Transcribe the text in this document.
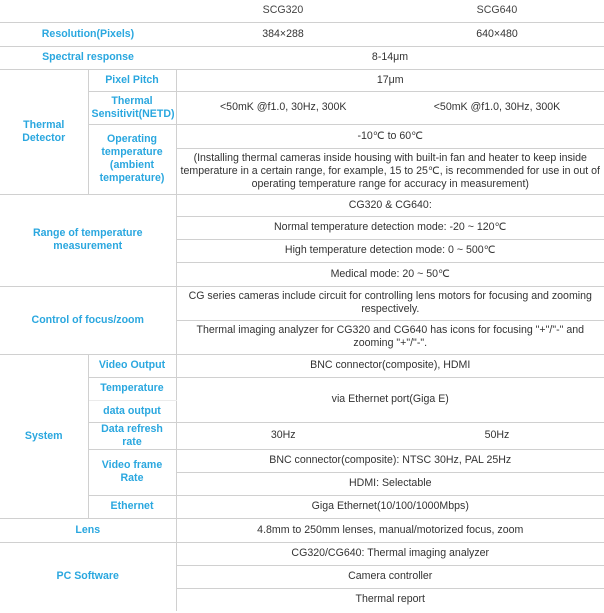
		SCG320	SCG640
Resolution(Pixels)		384×288	640×480
Spectral response		8-14μm	
Thermal Detector	Pixel Pitch	17μm	
	Thermal Sensitivit(NETD)	<50mK @f1.0, 30Hz, 300K	<50mK @f1.0, 30Hz, 300K
	Operating temperature (ambient temperature)	-10℃ to 60℃	
		(Installing thermal cameras inside housing with built-in fan and heater to keep inside temperature in a certain range, for example, 15 to 25℃, is recommended for use in out of operating temperature range for accuracy in measurement)	
Range of temperature measurement		CG320 & CG640:	
		Normal temperature detection mode: -20 ~ 120℃	
		High temperature detection mode: 0 ~ 500℃	
		Medical mode: 20 ~ 50℃	
Control of focus/zoom		CG series cameras include circuit for controlling lens motors for focusing and zooming respectively.	
		Thermal imaging analyzer for CG320 and CG640 has icons for focusing "+"/"-" and zooming "+"/"-".	
System	Video Output	BNC connector(composite), HDMI	
	Temperature	via Ethernet port(Giga E)	
	data output		
	Data refresh rate	30Hz	50Hz
	Video frame Rate	BNC connector(composite): NTSC 30Hz, PAL 25Hz	
		HDMI: Selectable	
	Ethernet	Giga Ethernet(10/100/1000Mbps)	
Lens		4.8mm to 250mm lenses, manual/motorized focus, zoom	
PC Software		CG320/CG640: Thermal imaging analyzer	
		Camera controller	
		Thermal report	
